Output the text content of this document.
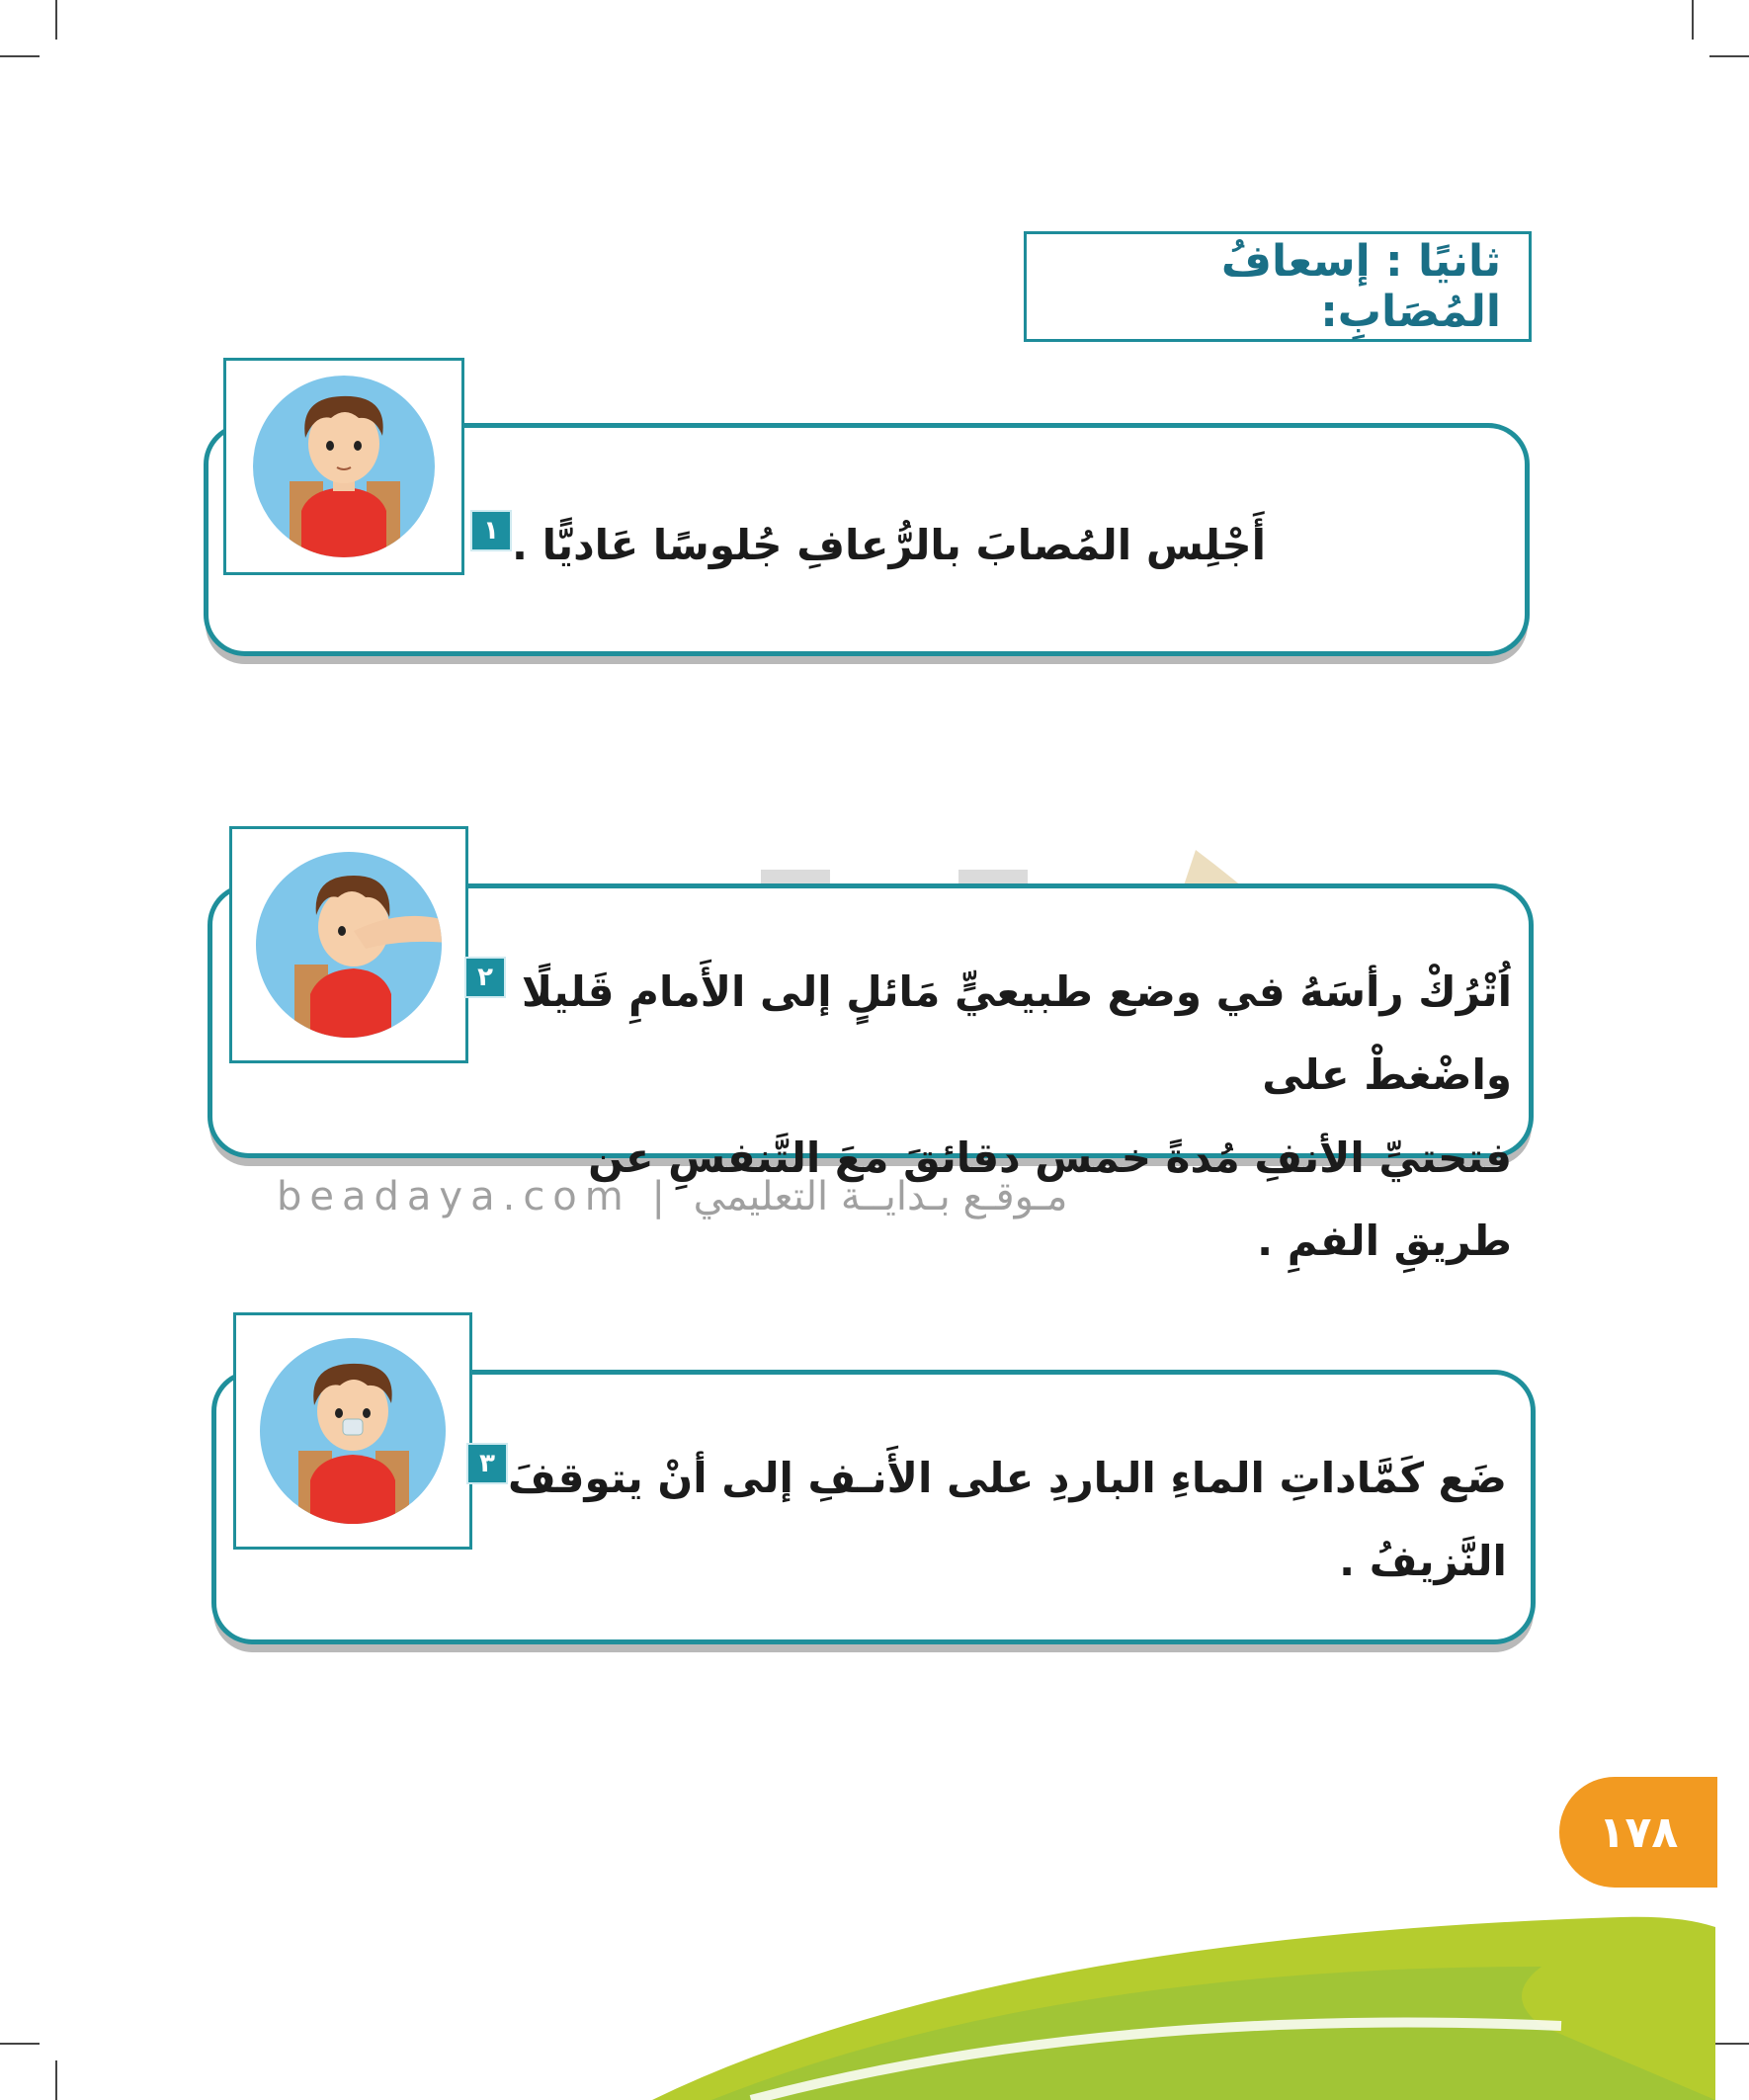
ثانيًا : إسعافُ المُصَابِ:
١ أَجْلِس المُصابَ بالرُّعافِ جُلوسًا عَاديًّا .
٢ اُتْرُكْ رأسَهُ في وضع طبيعيٍّ مَائلٍ إلى الأَمامِ قَليلًا واضْغطْ على
فتحتيِّ الأنفِ مُدةً خمس دقائقَ معَ التَّنفسِ عن طريقِ الفمِ .
beadaya.com | مـوقـع بـدايــة التعليمي
٣ ضَع كَمَّاداتِ الماءِ الباردِ على الأَنـفِ إلى أنْ يتوقفَ
النَّزيفُ .
١٧٨
